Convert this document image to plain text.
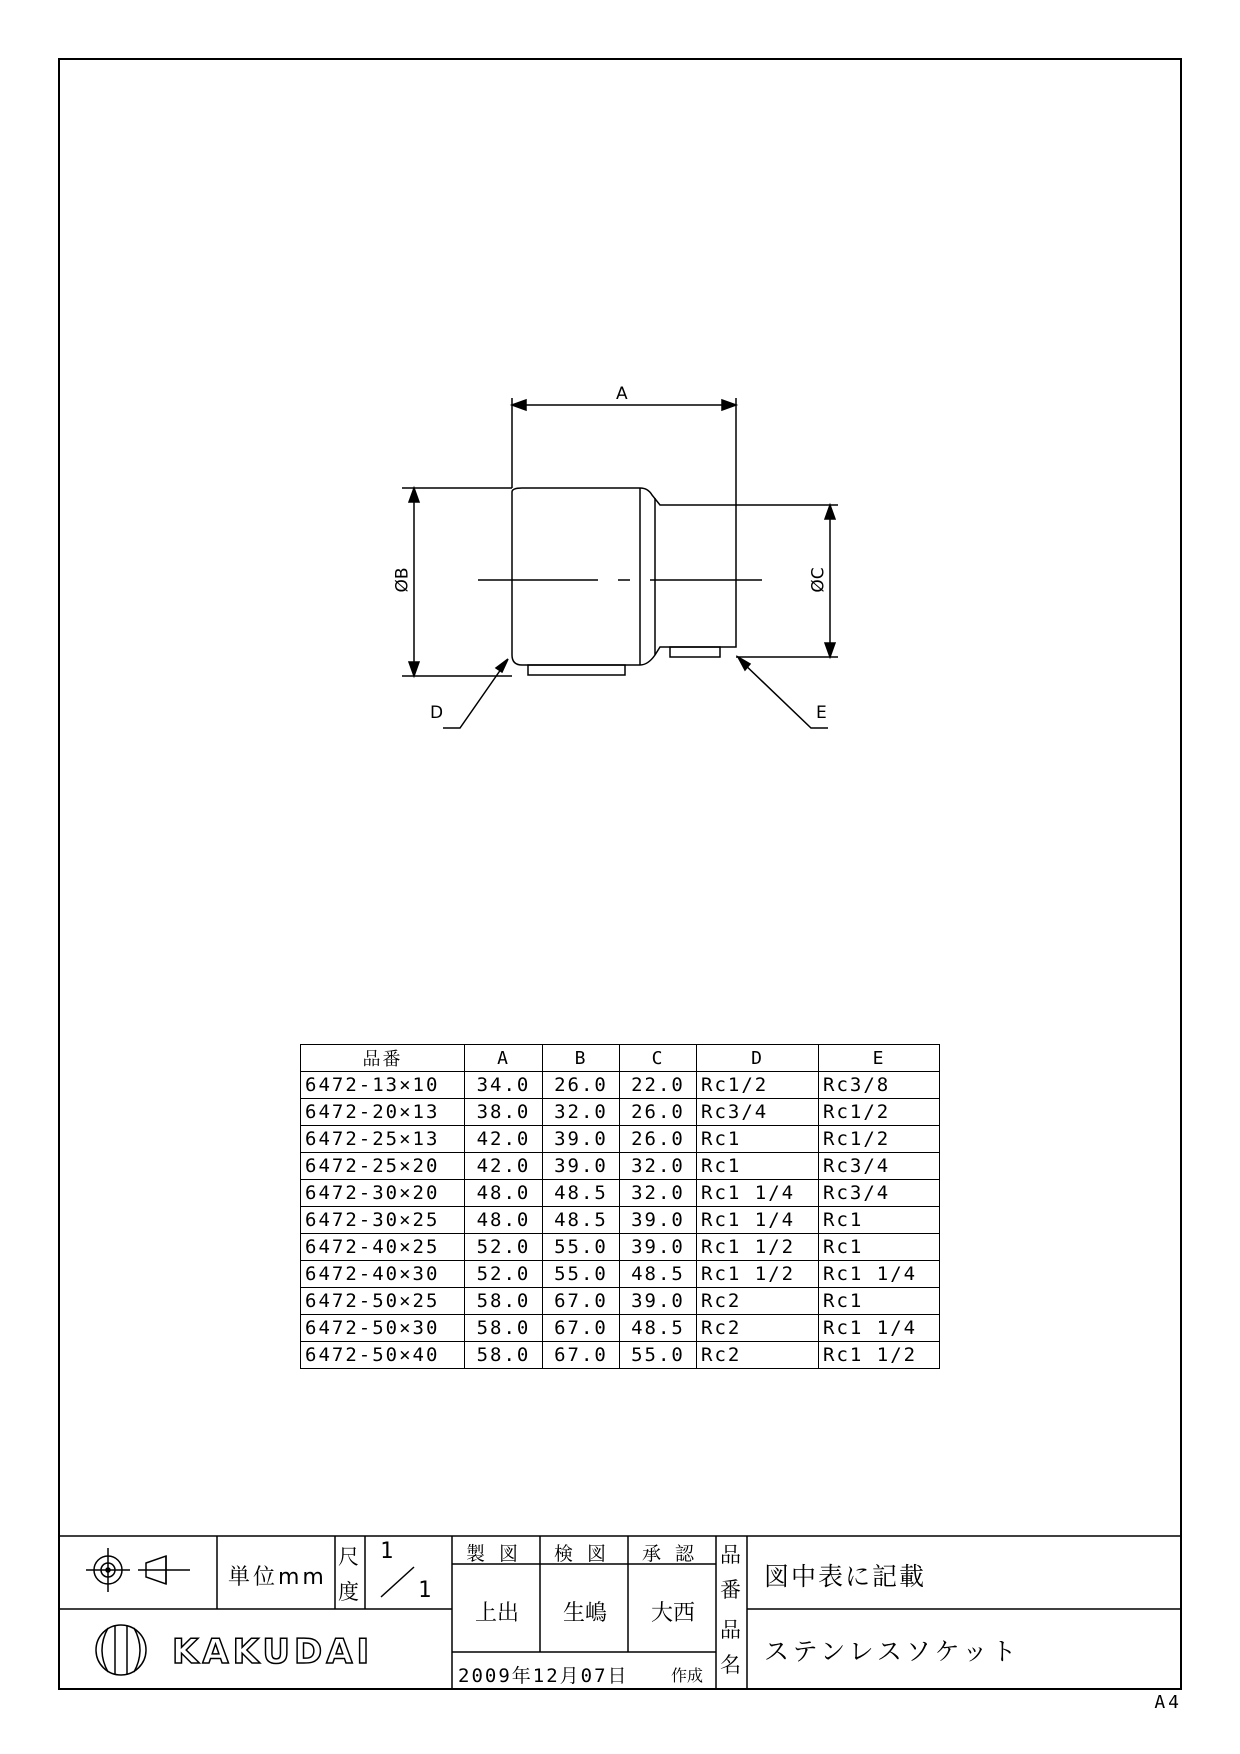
A
ØB	ØC
D	E
品番	A	B	C	D	E
6472-13×10	34.0	26.0	22.0	Rc1/2	Rc3/8
6472-20×13	38.0	32.0	26.0	Rc3/4	Rc1/2
6472-25×13	42.0	39.0	26.0	Rc1	Rc1/2
6472-25×20	42.0	39.0	32.0	Rc1	Rc3/4
6472-30×20	48.0	48.5	32.0	Rc1 1/4	Rc3/4
6472-30×25	48.0	48.5	39.0	Rc1 1/4	Rc1
6472-40×25	52.0	55.0	39.0	Rc1 1/2	Rc1
6472-40×30	52.0	55.0	48.5	Rc1 1/2	Rc1 1/4
6472-50×25	58.0	67.0	39.0	Rc2	Rc1
6472-50×30	58.0	67.0	48.5	Rc2	Rc1 1/4
6472-50×40	58.0	67.0	55.0	Rc2	Rc1 1/2
単位mm
尺
度
1
1
製 図 検 図 承 認
上出 生嶋 大西
品
番 図中表に記載
品
名 ステンレスソケット
2009年12月07日	作成
KAKUDAI
A4
